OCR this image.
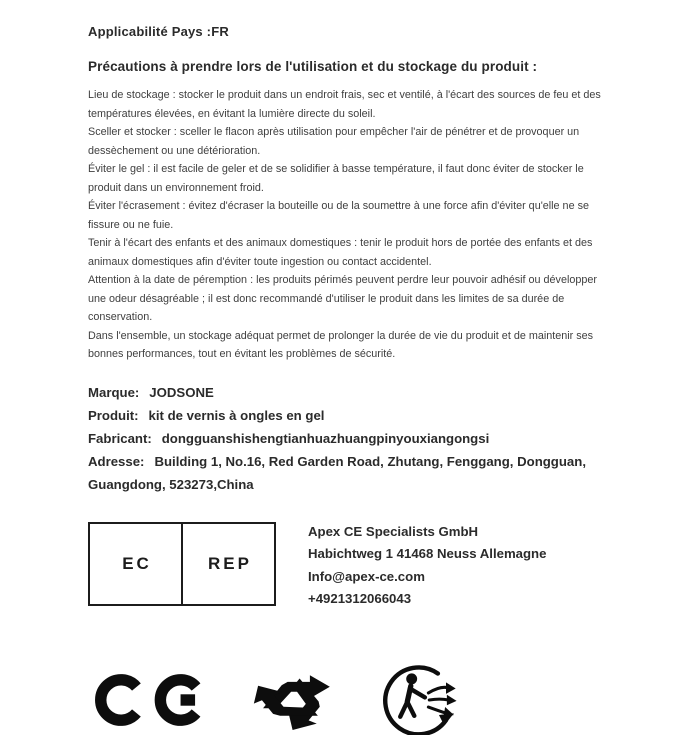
Applicabilité Pays :FR

Précautions à prendre lors de l'utilisation et du stockage du produit :

Lieu de stockage : stocker le produit dans un endroit frais, sec et ventilé, à l'écart des sources de feu et des températures élevées, en évitant la lumière directe du soleil.

Sceller et stocker : sceller le flacon après utilisation pour empêcher l'air de pénétrer et de provoquer un dessèchement ou une détérioration.

Éviter le gel : il est facile de geler et de se solidifier à basse température, il faut donc éviter de stocker le produit dans un environnement froid.

Éviter l'écrasement : évitez d'écraser la bouteille ou de la soumettre à une force afin d'éviter qu'elle ne se fissure ou ne fuie.

Tenir à l'écart des enfants et des animaux domestiques : tenir le produit hors de portée des enfants et des animaux domestiques afin d'éviter toute ingestion ou contact accidentel.

Attention à la date de péremption : les produits périmés peuvent perdre leur pouvoir adhésif ou développer une odeur désagréable ; il est donc recommandé d'utiliser le produit dans les limites de sa durée de conservation.

Dans l'ensemble, un stockage adéquat permet de prolonger la durée de vie du produit et de maintenir ses bonnes performances, tout en évitant les problèmes de sécurité.

Marque: JODSONE

Produit: kit de vernis à ongles en gel

Fabricant: dongguanshishengtianhuazhuangpinyouxiangongsi

Adresse: Building 1, No.16, Red Garden Road, Zhutang, Fenggang, Dongguan, Guangdong, 523273,China

EC	REP

Apex CE Specialists GmbH

Habichtweg 1 41468 Neuss Allemagne

Info@apex-ce.com

+4921312066043
